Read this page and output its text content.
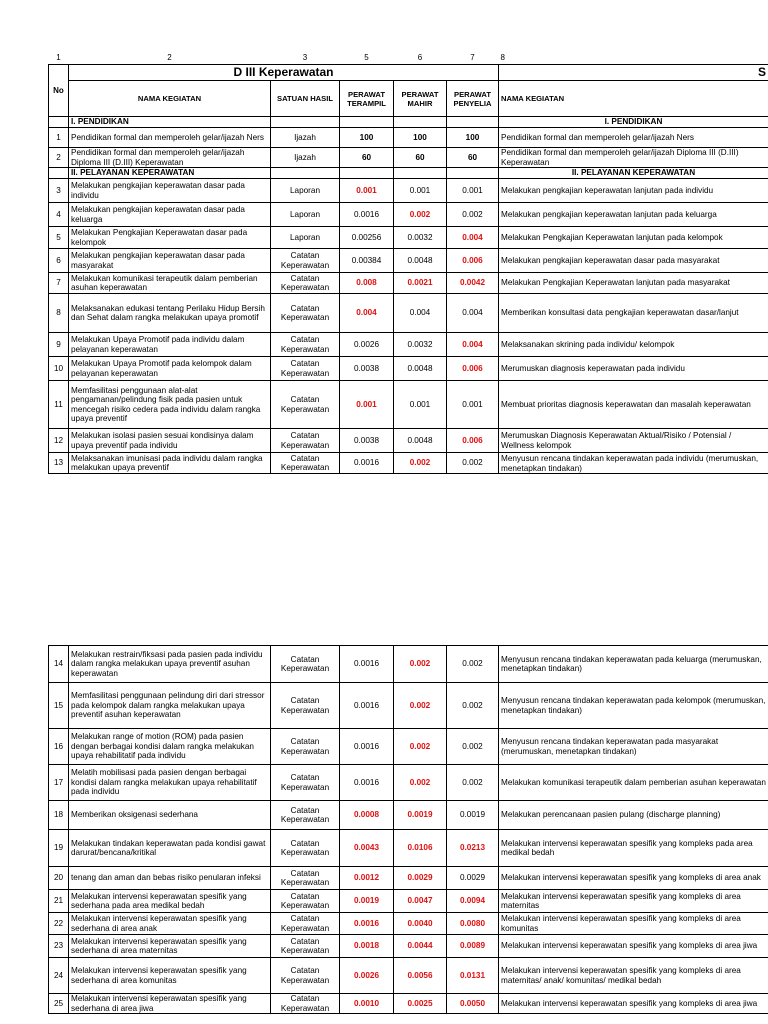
1	2	3	5	6	7	8
No	D III Keperawatan					S
	NAMA KEGIATAN	SATUAN HASIL	PERAWAT TERAMPIL	PERAWAT MAHIR	PERAWAT PENYELIA	NAMA KEGIATAN
	I. PENDIDIKAN					I. PENDIDIKAN
1	Pendidikan formal dan memperoleh gelar/ijazah Ners	Ijazah	100	100	100	Pendidikan formal dan memperoleh gelar/ijazah Ners
2	Pendidikan formal dan memperoleh gelar/ijazah Diploma III (D.III) Keperawatan	Ijazah	60	60	60	Pendidikan formal dan memperoleh gelar/ijazah Diploma III (D.III) Keperawatan
	II. PELAYANAN KEPERAWATAN					II. PELAYANAN KEPERAWATAN
3	Melakukan pengkajian keperawatan dasar pada individu	Laporan	0.001	0.001	0.001	Melakukan pengkajian keperawatan lanjutan pada individu
4	Melakukan pengkajian keperawatan dasar pada keluarga	Laporan	0.0016	0.002	0.002	Melakukan pengkajian keperawatan lanjutan pada keluarga
5	Melakukan Pengkajian Keperawatan dasar pada kelompok	Laporan	0.00256	0.0032	0.004	Melakukan Pengkajian Keperawatan lanjutan pada kelompok
6	Melakukan pengkajian keperawatan dasar pada masyarakat	Catatan Keperawatan	0.00384	0.0048	0.006	Melakukan pengkajian keperawatan dasar pada masyarakat
7	Melakukan komunikasi terapeutik dalam pemberian asuhan keperawatan	Catatan Keperawatan	0.008	0.0021	0.0042	Melakukan Pengkajian Keperawatan lanjutan pada masyarakat
8	Melaksanakan edukasi tentang Perilaku Hidup Bersih dan Sehat dalam rangka melakukan upaya promotif	Catatan Keperawatan	0.004	0.004	0.004	Memberikan konsultasi data pengkajian keperawatan dasar/lanjut
9	Melakukan Upaya Promotif pada individu dalam pelayanan keperawatan	Catatan Keperawatan	0.0026	0.0032	0.004	Melaksanakan skrining pada individu/ kelompok
10	Melakukan Upaya Promotif pada kelompok dalam pelayanan keperawatan	Catatan Keperawatan	0.0038	0.0048	0.006	Merumuskan diagnosis keperawatan pada individu
11	Memfasilitasi penggunaan alat-alat pengamanan/pelindung fisik pada pasien untuk mencegah risiko cedera pada individu dalam rangka upaya preventif	Catatan Keperawatan	0.001	0.001	0.001	Membuat prioritas diagnosis keperawatan dan masalah keperawatan
12	Melakukan isolasi pasien sesuai kondisinya dalam upaya preventif pada individu	Catatan Keperawatan	0.0038	0.0048	0.006	Merumuskan Diagnosis Keperawatan Aktual/Risiko / Potensial / Wellness kelompok
13	Melaksanakan imunisasi pada individu dalam rangka melakukan upaya preventif	Catatan Keperawatan	0.0016	0.002	0.002	Menyusun rencana tindakan keperawatan pada individu (merumuskan, menetapkan tindakan)
14	Melakukan restrain/fiksasi pada pasien pada individu dalam rangka melakukan upaya preventif asuhan keperawatan	Catatan Keperawatan	0.0016	0.002	0.002	Menyusun rencana tindakan keperawatan pada keluarga (merumuskan, menetapkan tindakan)
15	Memfasilitasi penggunaan pelindung diri dari stressor pada kelompok dalam rangka melakukan upaya preventif asuhan keperawatan	Catatan Keperawatan	0.0016	0.002	0.002	Menyusun rencana tindakan keperawatan pada kelompok (merumuskan, menetapkan tindakan)
16	Melakukan range of motion (ROM) pada pasien dengan berbagai kondisi dalam rangka melakukan upaya rehabilitatif pada individu	Catatan Keperawatan	0.0016	0.002	0.002	Menyusun rencana tindakan keperawatan pada masyarakat (merumuskan, menetapkan tindakan)
17	Melatih mobilisasi pada pasien dengan berbagai kondisi dalam rangka melakukan upaya rehabilitatif pada individu	Catatan Keperawatan	0.0016	0.002	0.002	Melakukan komunikasi terapeutik dalam pemberian asuhan keperawatan
18	Memberikan oksigenasi sederhana	Catatan Keperawatan	0.0008	0.0019	0.0019	Melakukan perencanaan pasien pulang (discharge planning)
19	Melakukan tindakan keperawatan pada kondisi gawat darurat/bencana/kritikal	Catatan Keperawatan	0.0043	0.0106	0.0213	Melakukan intervensi keperawatan spesifik yang kompleks pada area medikal bedah
20	tenang dan aman dan bebas risiko penularan infeksi	Catatan Keperawatan	0.0012	0.0029	0.0029	Melakukan intervensi keperawatan spesifik yang kompleks di area anak
21	Melakukan intervensi keperawatan spesifik yang sederhana pada area medikal bedah	Catatan Keperawatan	0.0019	0.0047	0.0094	Melakukan intervensi keperawatan spesifik yang kompleks di area maternitas
22	Melakukan intervensi keperawatan spesifik yang sederhana di area anak	Catatan Keperawatan	0.0016	0.0040	0.0080	Melakukan intervensi keperawatan spesifik yang kompleks di area komunitas
23	Melakukan intervensi keperawatan spesifik yang sederhana di area maternitas	Catatan Keperawatan	0.0018	0.0044	0.0089	Melakukan intervensi keperawatan spesifik yang kompleks di area jiwa
24	Melakukan intervensi keperawatan spesifik yang sederhana di area komunitas	Catatan Keperawatan	0.0026	0.0056	0.0131	Melakukan intervensi keperawatan spesifik yang kompleks di area maternitas/ anak/ komunitas/ medikal bedah
25	Melakukan intervensi keperawatan spesifik yang sederhana di area jiwa	Catatan Keperawatan	0.0010	0.0025	0.0050	Melakukan intervensi keperawatan spesifik yang kompleks di area jiwa
